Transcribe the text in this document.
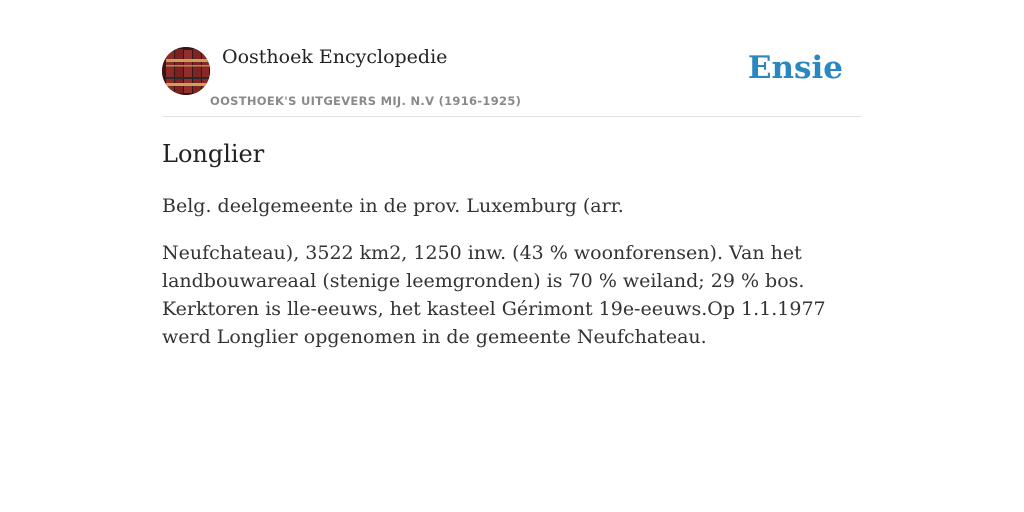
Oosthoek Encyclopedie
OOSTHOEK'S UITGEVERS MIJ. N.V (1916-1925)
Ensie
Longlier

Belg. deelgemeente in de prov. Luxemburg (arr.

Neufchateau), 3522 km2, 1250 inw. (43 % woonforensen). Van het landbouwareaal (stenige leemgronden) is 70 % weiland; 29 % bos. Kerktoren is lle-eeuws, het kasteel Gérimont 19e-eeuws.Op 1.1.1977 werd Longlier opgenomen in de gemeente Neufchateau.
